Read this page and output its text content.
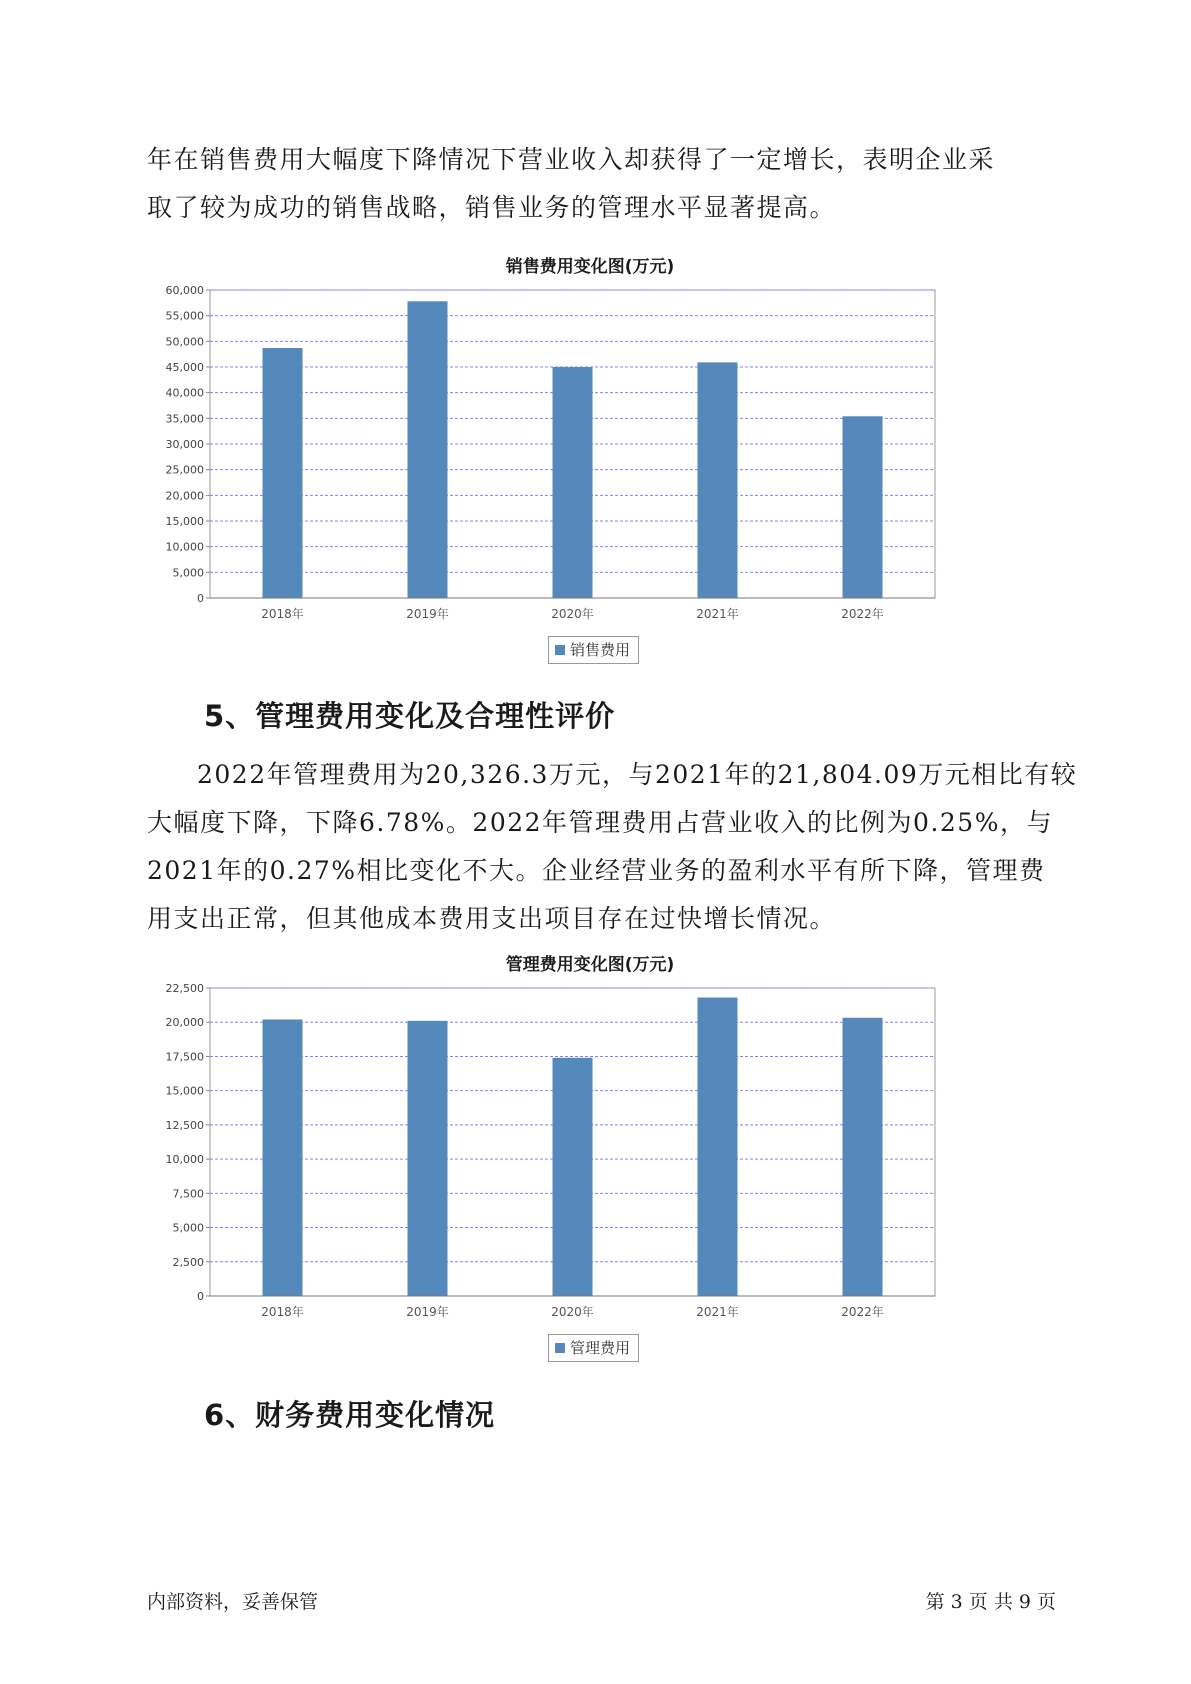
年在销售费用大幅度下降情况下营业收入却获得了一定增长，表明企业采
取了较为成功的销售战略，销售业务的管理水平显著提高。
销售费用变化图(万元)
0
5,000
10,000
15,000
20,000
25,000
30,000
35,000
40,000
45,000
50,000
55,000
60,000
2018年	2019年	2020年	2021年	2022年
销售费用
5、管理费用变化及合理性评价
2022年管理费用为20,326.3万元，与2021年的21,804.09万元相比有较
大幅度下降，下降6.78%。2022年管理费用占营业收入的比例为0.25%，与
2021年的0.27%相比变化不大。企业经营业务的盈利水平有所下降，管理费
用支出正常，但其他成本费用支出项目存在过快增长情况。
管理费用变化图(万元)
0
2,500
5,000
7,500
10,000
12,500
15,000
17,500
20,000
22,500
2018年	2019年	2020年	2021年	2022年
管理费用
6、财务费用变化情况
内部资料，妥善保管	第 3 页 共 9 页
